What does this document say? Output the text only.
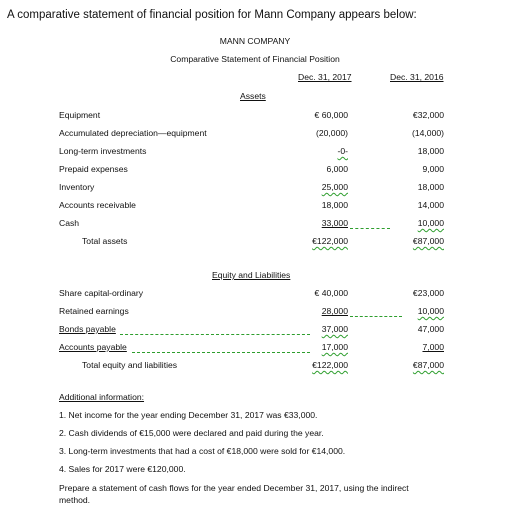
A comparative statement of financial position for Mann Company appears below:
MANN COMPANY
Comparative Statement of Financial Position
Dec. 31, 2017	Dec. 31, 2016
Assets
Equipment	€ 60,000	€32,000
Accumulated depreciation—equipment	(20,000)	(14,000)
Long-term investments	-0-	18,000
Prepaid expenses	6,000	9,000
Inventory	25,000	18,000
Accounts receivable	18,000	14,000
Cash	33,000	10,000
Total assets	€122,000	€87,000
Equity and Liabilities
Share capital-ordinary	€ 40,000	€23,000
Retained earnings	28,000	10,000
Bonds payable	37,000	47,000
Accounts payable	17,000	7,000
Total equity and liabilities	€122,000	€87,000
Additional information:
1. Net income for the year ending December 31, 2017 was €33,000.
2. Cash dividends of €15,000 were declared and paid during the year.
3. Long-term investments that had a cost of €18,000 were sold for €14,000.
4. Sales for 2017 were €120,000.
Prepare a statement of cash flows for the year ended December 31, 2017, using the indirect
method.
